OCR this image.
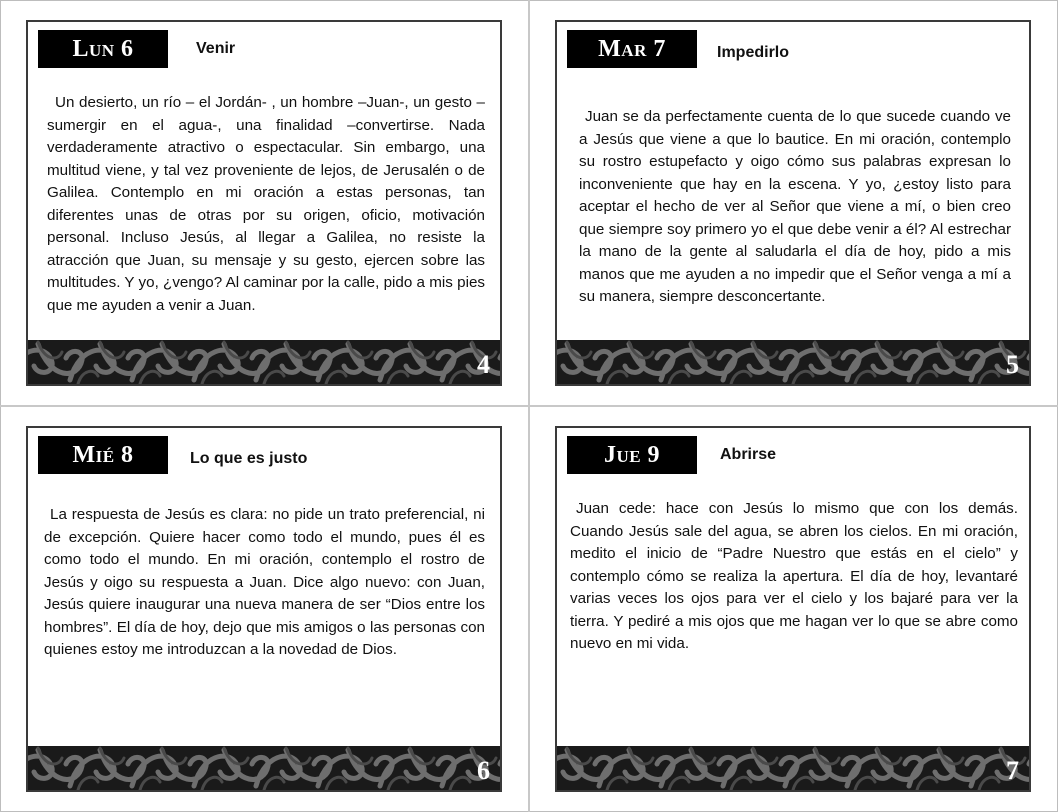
Lun 6	Venir

Un desierto, un río – el Jordán- , un hombre –Juan-, un gesto –sumergir en el agua-, una finalidad –convertirse. Nada verdaderamente atractivo o espectacular. Sin embargo, una multitud viene, y tal vez proveniente de lejos, de Jerusalén o de Galilea. Contemplo en mi oración a estas personas, tan diferentes unas de otras por su origen, oficio, motivación personal. Incluso Jesús, al llegar a Galilea, no resiste la atracción que Juan, su mensaje y su gesto, ejercen sobre las multitudes. Y yo, ¿vengo? Al caminar por la calle, pido a mis pies que me ayuden a venir a Juan.

4
Mar 7	Impedirlo

Juan se da perfectamente cuenta de lo que sucede cuando ve a Jesús que viene a que lo bautice. En mi oración, contemplo su rostro estupefacto y oigo cómo sus palabras expresan lo inconveniente que hay en la escena. Y yo, ¿estoy listo para aceptar el hecho de ver al Señor que viene a mí, o bien creo que siempre soy primero yo el que debe venir a él? Al estrechar la mano de la gente al saludarla el día de hoy, pido a mis manos que me ayuden a no impedir que el Señor venga a mí a su manera, siempre desconcertante.

5
Mié 8	Lo que es justo

La respuesta de Jesús es clara: no pide un trato preferencial, ni de excepción. Quiere hacer como todo el mundo, pues él es como todo el mundo. En mi oración, contemplo el rostro de Jesús y oigo su respuesta a Juan. Dice algo nuevo: con Juan, Jesús quiere inaugurar una nueva manera de ser “Dios entre los hombres”. El día de hoy, dejo que mis amigos o las personas con quienes estoy me introduzcan a la novedad de Dios.

6
Jue 9	Abrirse

Juan cede: hace con Jesús lo mismo que con los demás. Cuando Jesús sale del agua, se abren los cielos. En mi oración, medito el inicio de “Padre Nuestro que estás en el cielo” y contemplo cómo se realiza la apertura. El día de hoy, levantaré varias veces los ojos para ver el cielo y los bajaré para ver la tierra. Y pediré a mis ojos que me hagan ver lo que se abre como nuevo en mi vida.

7
